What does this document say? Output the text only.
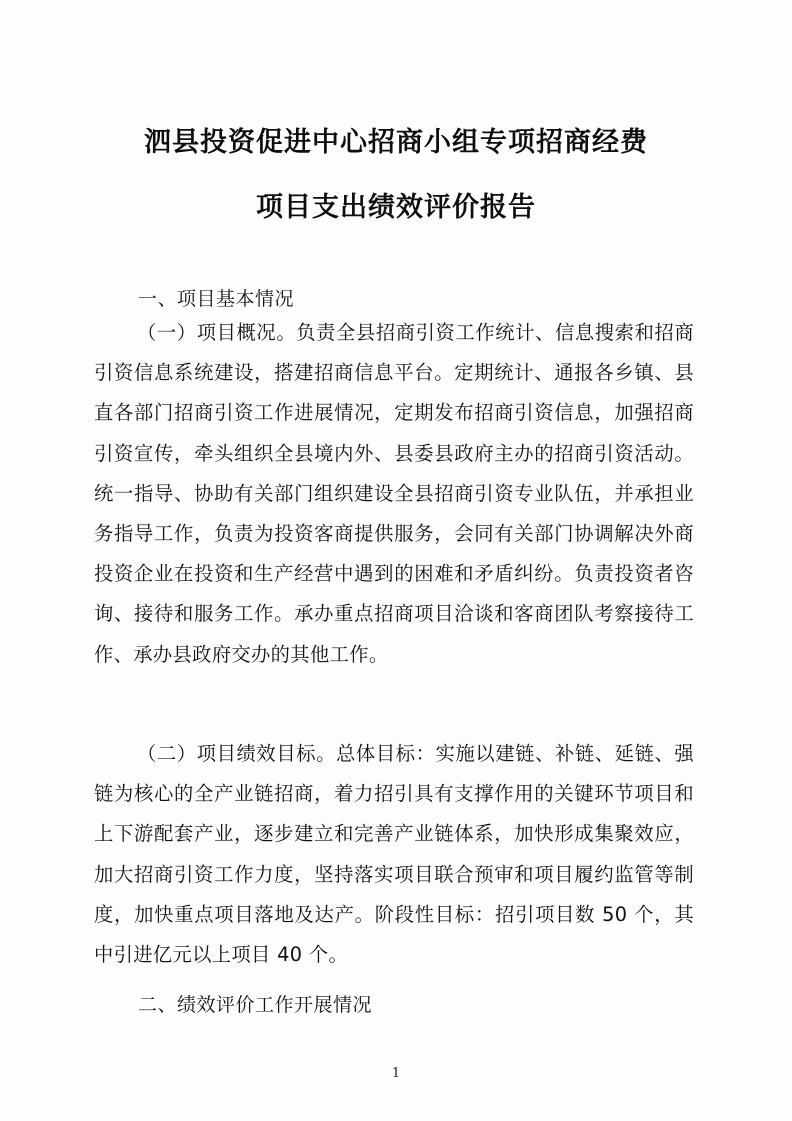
泗县投资促进中心招商小组专项招商经费
项目支出绩效评价报告
一、项目基本情况

（一）项目概况。负责全县招商引资工作统计、信息搜索和招商引资信息系统建设，搭建招商信息平台。定期统计、通报各乡镇、县直各部门招商引资工作进展情况，定期发布招商引资信息，加强招商引资宣传，牵头组织全县境内外、县委县政府主办的招商引资活动。统一指导、协助有关部门组织建设全县招商引资专业队伍，并承担业务指导工作，负责为投资客商提供服务，会同有关部门协调解决外商投资企业在投资和生产经营中遇到的困难和矛盾纠纷。负责投资者咨询、接待和服务工作。承办重点招商项目洽谈和客商团队考察接待工作、承办县政府交办的其他工作。

（二）项目绩效目标。总体目标：实施以建链、补链、延链、强链为核心的全产业链招商，着力招引具有支撑作用的关键环节项目和上下游配套产业，逐步建立和完善产业链体系，加快形成集聚效应，加大招商引资工作力度，坚持落实项目联合预审和项目履约监管等制度，加快重点项目落地及达产。阶段性目标：招引项目数 50 个，其中引进亿元以上项目 40 个。

二、绩效评价工作开展情况
1
